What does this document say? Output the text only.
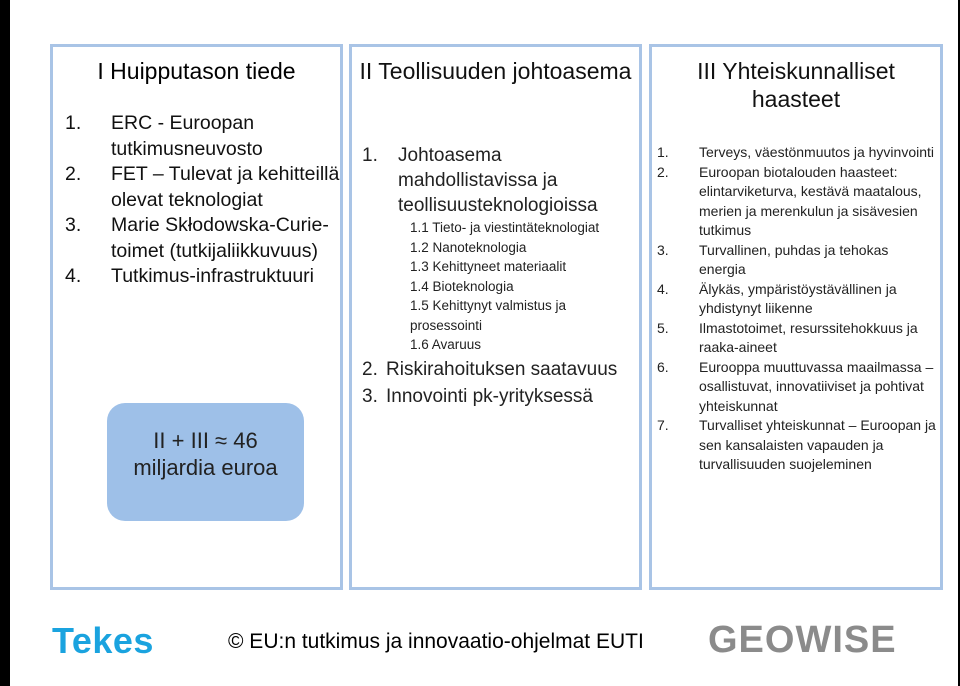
I Huipputason tiede
1.	ERC - Euroopan tutkimusneuvosto
2.	FET – Tulevat ja kehitteillä olevat teknologiat
3.	Marie Skłodowska-Curie-toimet (tutkijaliikkuvuus)
4.	Tutkimus-infrastruktuuri
II + III ≈ 46
miljardia euroa
II Teollisuuden johtoasema
1.	Johtoasema mahdollistavissa ja teollisuusteknologioissa
1.1 Tieto- ja viestintäteknologiat
1.2 Nanoteknologia
1.3 Kehittyneet materiaalit
1.4 Bioteknologia
1.5 Kehittynyt valmistus ja prosessointi
1.6 Avaruus
2. Riskirahoituksen saatavuus
3. Innovointi pk-yrityksessä
III Yhteiskunnalliset haasteet
1.	Terveys, väestönmuutos ja hyvinvointi
2.	Euroopan biotalouden haasteet: elintarviketurva, kestävä maatalous, merien ja merenkulun ja sisävesien tutkimus
3.	Turvallinen, puhdas ja tehokas energia
4.	Älykäs, ympäristöystävällinen ja yhdistynyt liikenne
5.	Ilmastotoimet, resurssitehokkuus ja raaka-aineet
6.	Eurooppa muuttuvassa maailmassa – osallistuvat, innovatiiviset ja pohtivat yhteiskunnat
7.	Turvalliset yhteiskunnat – Euroopan ja sen kansalaisten vapauden ja turvallisuuden suojeleminen
Tekes	© EU:n tutkimus ja innovaatio-ohjelmat EUTI GEOWISE
